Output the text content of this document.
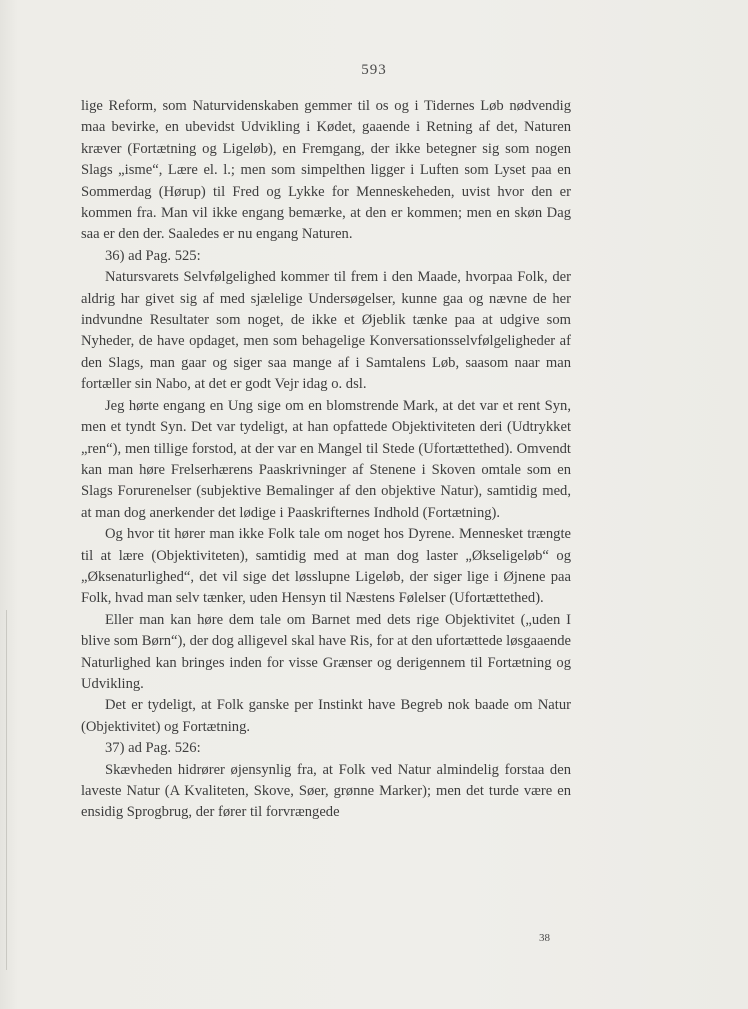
593

lige Reform, som Naturvidenskaben gemmer til os og i Tidernes Løb nødvendig maa bevirke, en ubevidst Udvikling i Kødet, gaaende i Retning af det, Naturen kræver (Fortætning og Ligeløb), en Fremgang, der ikke betegner sig som nogen Slags „isme“, Lære el. l.; men som simpelthen ligger i Luften som Lyset paa en Sommerdag (Hørup) til Fred og Lykke for Menneskeheden, uvist hvor den er kommen fra. Man vil ikke engang bemærke, at den er kommen; men en skøn Dag saa er den der. Saaledes er nu engang Naturen.

36) ad Pag. 525:

Natursvarets Selvfølgelighed kommer til frem i den Maade, hvorpaa Folk, der aldrig har givet sig af med sjælelige Undersøgelser, kunne gaa og nævne de her indvundne Resultater som noget, de ikke et Øjeblik tænke paa at udgive som Nyheder, de have opdaget, men som behagelige Konversationsselvfølgeligheder af den Slags, man gaar og siger saa mange af i Samtalens Løb, saasom naar man fortæller sin Nabo, at det er godt Vejr idag o. dsl.

Jeg hørte engang en Ung sige om en blomstrende Mark, at det var et rent Syn, men et tyndt Syn. Det var tydeligt, at han opfattede Objektiviteten deri (Udtrykket „ren“), men tillige forstod, at der var en Mangel til Stede (Ufortættethed). Omvendt kan man høre Frelserhærens Paaskrivninger af Stenene i Skoven omtale som en Slags Forurenelser (subjektive Bemalinger af den objektive Natur), samtidig med, at man dog anerkender det lødige i Paaskrifternes Indhold (Fortætning).

Og hvor tit hører man ikke Folk tale om noget hos Dyrene. Mennesket trængte til at lære (Objektiviteten), samtidig med at man dog laster „Økseligeløb“ og „Øksenaturlighed“, det vil sige det løsslupne Ligeløb, der siger lige i Øjnene paa Folk, hvad man selv tænker, uden Hensyn til Næstens Følelser (Ufortættethed).

Eller man kan høre dem tale om Barnet med dets rige Objektivitet („uden I blive som Børn“), der dog alligevel skal have Ris, for at den ufortættede løsgaaende Naturlighed kan bringes inden for visse Grænser og derigennem til Fortætning og Udvikling.

Det er tydeligt, at Folk ganske per Instinkt have Begreb nok baade om Natur (Objektivitet) og Fortætning.

37) ad Pag. 526:

Skævheden hidrører øjensynlig fra, at Folk ved Natur almindelig forstaa den laveste Natur (A Kvaliteten, Skove, Søer, grønne Marker); men det turde være en ensidig Sprogbrug, der fører til forvrængede

38
